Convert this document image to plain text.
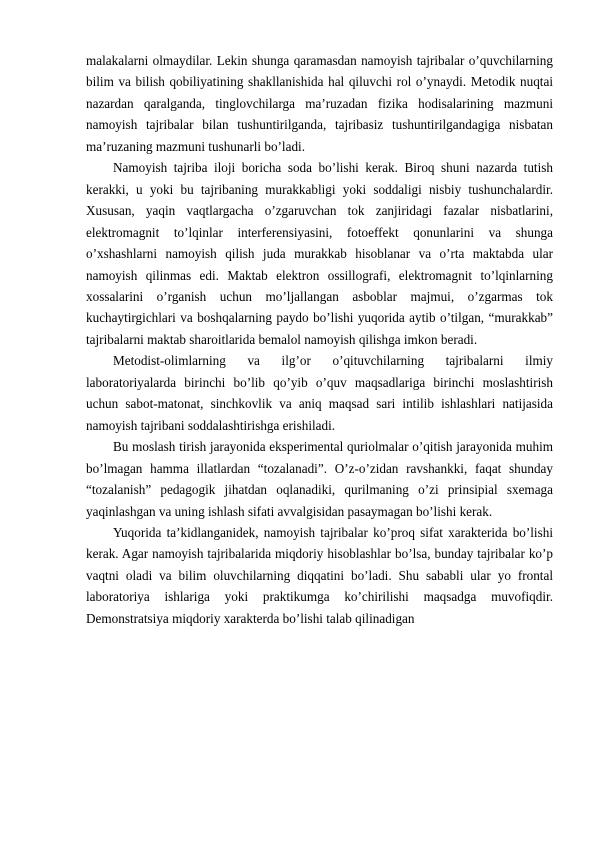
malakalarni olmaydilar. Lekin shunga qaramasdan namoyish tajribalar o’quvchilarning bilim va bilish qobiliyatining shakllanishida hal qiluvchi rol o’ynaydi. Metodik nuqtai nazardan qaralganda, tinglovchilarga ma’ruzadan fizika hodisalarining mazmuni namoyish tajribalar bilan tushuntirilganda, tajribasiz tushuntirilgandagiga nisbatan ma’ruzaning mazmuni tushunarli bo’ladi.

Namoyish tajriba iloji boricha soda bo’lishi kerak. Biroq shuni nazarda tutish kerakki, u yoki bu tajribaning murakkabligi yoki soddaligi nisbiy tushunchalardir. Xususan, yaqin vaqtlargacha o’zgaruvchan tok zanjiridagi fazalar nisbatlarini, elektromagnit to’lqinlar interferensiyasini, fotoeffekt qonunlarini va shunga o’xshashlarni namoyish qilish juda murakkab hisoblanar va o’rta maktabda ular namoyish qilinmas edi. Maktab elektron ossillografi, elektromagnit to’lqinlarning xossalarini o’rganish uchun mo’ljallangan asboblar majmui, o’zgarmas tok kuchaytirgichlari va boshqalarning paydo bo’lishi yuqorida aytib o’tilgan, “murakkab” tajribalarni maktab sharoitlarida bemalol namoyish qilishga imkon beradi.

Metodist-olimlarning va ilg’or o’qituvchilarning tajribalarni ilmiy laboratoriyalarda birinchi bo’lib qo’yib o’quv maqsadlariga birinchi moslashtirish uchun sabot-matonat, sinchkovlik va aniq maqsad sari intilib ishlashlari natijasida namoyish tajribani soddalashtirishga erishiladi.

Bu moslash tirish jarayonida eksperimental quriolmalar o’qitish jarayonida muhim bo’lmagan hamma illatlardan “tozalanadi”. O’z-o’zidan ravshankki, faqat shunday “tozalanish” pedagogik jihatdan oqlanadiki, qurilmaning o’zi prinsipial sxemaga yaqinlashgan va uning ishlash sifati avvalgisidan pasaymagan bo’lishi kerak.

Yuqorida ta’kidlanganidek, namoyish tajribalar ko’proq sifat xarakterida bo’lishi kerak. Agar namoyish tajribalarida miqdoriy hisoblashlar bo’lsa, bunday tajribalar ko’p vaqtni oladi va bilim oluvchilarning diqqatini bo’ladi. Shu sababli ular yo frontal laboratoriya ishlariga yoki praktikumga ko’chirilishi maqsadga muvofiqdir. Demonstratsiya miqdoriy xarakterda bo’lishi talab qilinadigan
